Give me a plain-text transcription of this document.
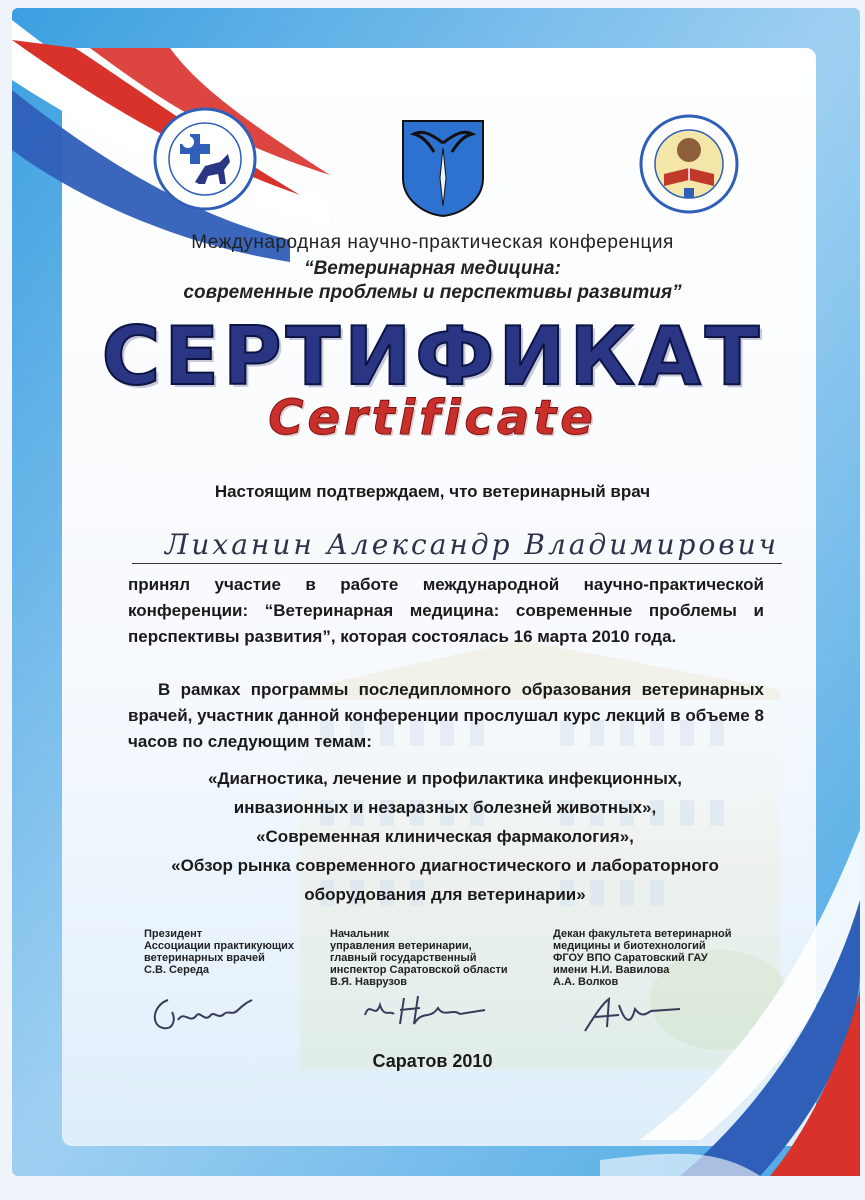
Международная научно-практическая конференция
“Ветеринарная медицина:
современные проблемы и перспективы развития”
СЕРТИФИКАТ
Certificate
Настоящим подтверждаем, что ветеринарный врач
Лиханин Александр Владимирович
принял участие в работе международной научно-практической конференции: “Ветеринарная медицина: современные проблемы и перспективы развития”, которая состоялась 16 марта 2010 года.
В рамках программы последипломного образования ветеринарных врачей, участник данной конференции прослушал курс лекций в объеме 8 часов по следующим темам:
«Диагностика, лечение и профилактика инфекционных,
инвазионных и незаразных болезней животных»,
«Современная клиническая фармакология»,
«Обзор рынка современного диагностического и лабораторного
оборудования для ветеринарии»
Президент
Ассоциации практикующих
ветеринарных врачей
С.В. Середа
Начальник
управления ветеринарии,
главный государственный
инспектор Саратовской области
В.Я. Наврузов
Декан факультета ветеринарной
медицины и биотехнологий
ФГОУ ВПО Саратовский ГАУ
имени Н.И. Вавилова
А.А. Волков
Саратов 2010
